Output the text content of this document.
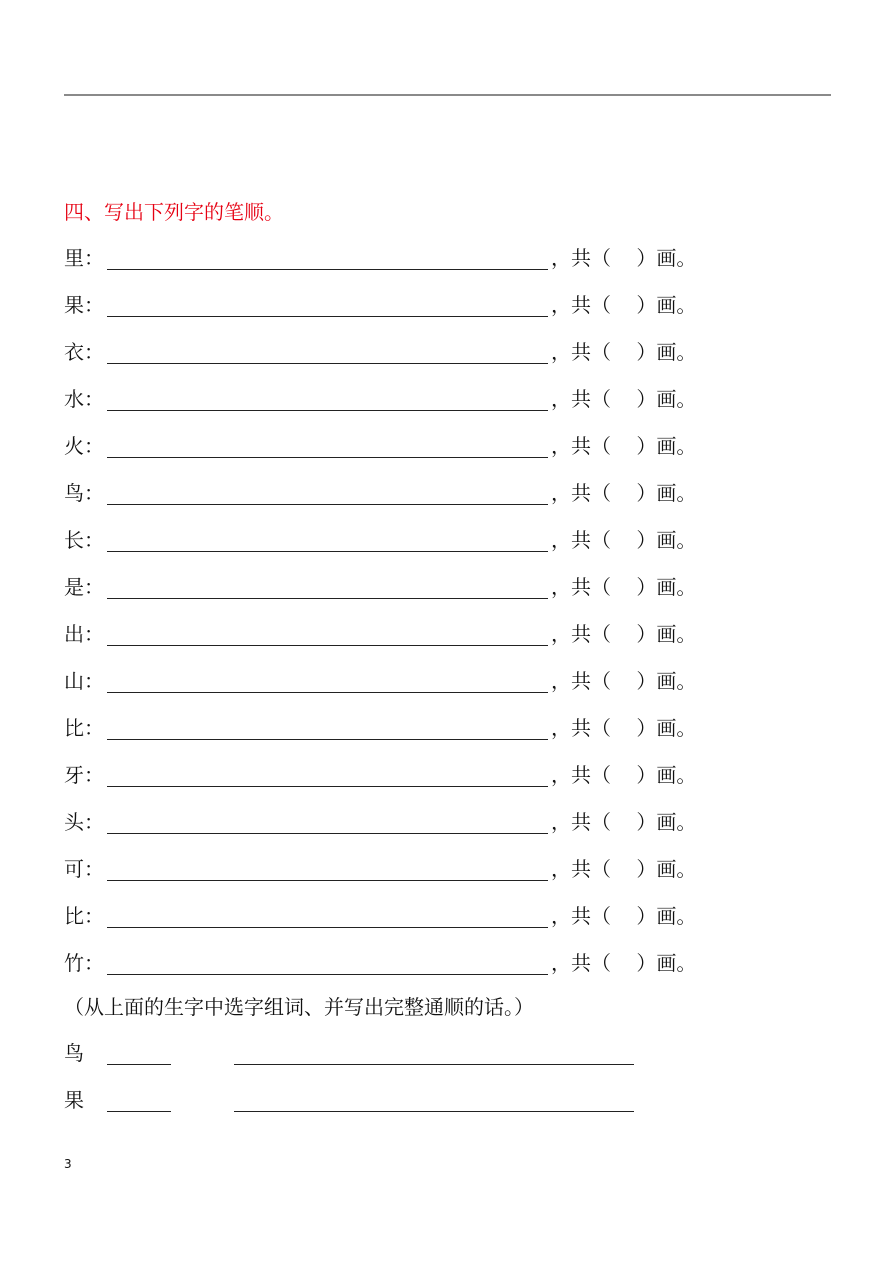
四、写出下列字的笔顺。
里：	，共（    ）画。
果：	，共（    ）画。
衣：	，共（    ）画。
水：	，共（    ）画。
火：	，共（    ）画。
鸟：	，共（    ）画。
长：	，共（    ）画。
是：	，共（    ）画。
出：	，共（    ）画。
山：	，共（    ）画。
比：	，共（    ）画。
牙：	，共（    ）画。
头：	，共（    ）画。
可：	，共（    ）画。
比：	，共（    ）画。
竹：	，共（    ）画。
（从上面的生字中选字组词、并写出完整通顺的话。）
鸟
果
3
